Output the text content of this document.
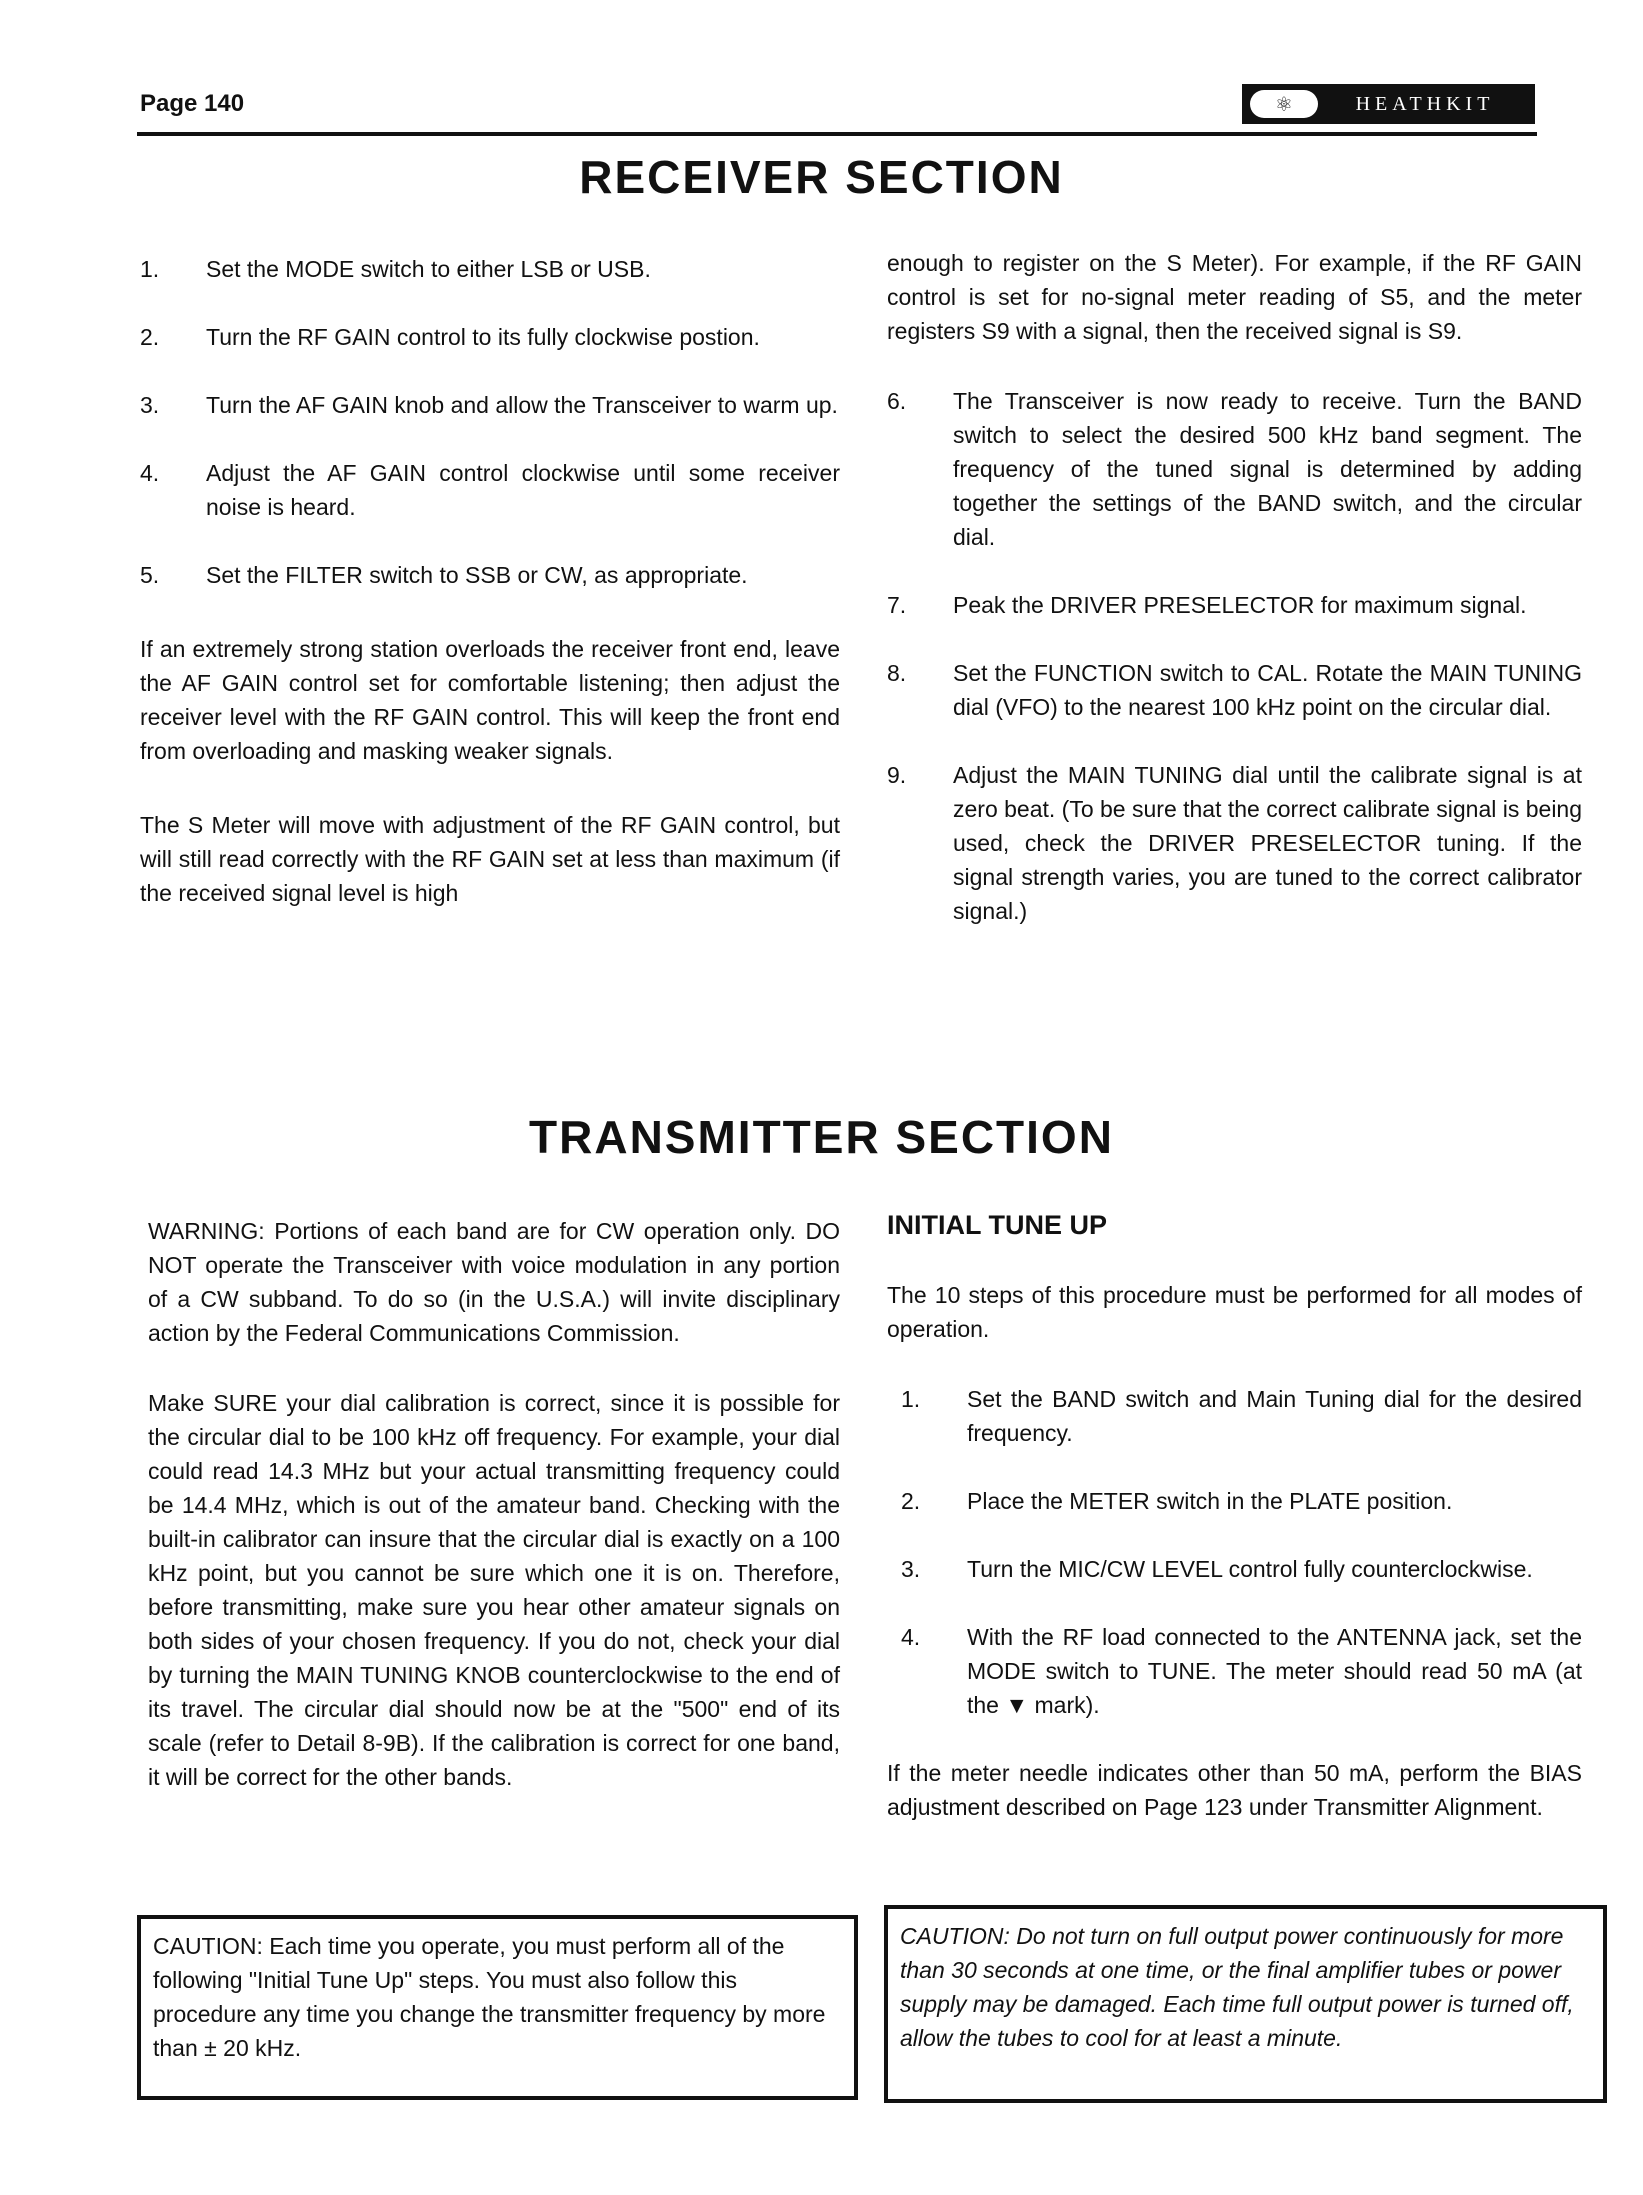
Page 140	⚛	HEATHKIT
RECEIVER SECTION
1.	Set the MODE switch to either LSB or USB.
2.	Turn the RF GAIN control to its fully clockwise postion.
3.	Turn the AF GAIN knob and allow the Transceiver to warm up.
4.	Adjust the AF GAIN control clockwise until some receiver noise is heard.
5.	Set the FILTER switch to SSB or CW, as appropriate.

If an extremely strong station overloads the receiver front end, leave the AF GAIN control set for comfortable listening; then adjust the receiver level with the RF GAIN control. This will keep the front end from overloading and masking weaker signals.

The S Meter will move with adjustment of the RF GAIN control, but will still read correctly with the RF GAIN set at less than maximum (if the received signal level is high

enough to register on the S Meter). For example, if the RF GAIN control is set for no-signal meter reading of S5, and the meter registers S9 with a signal, then the received signal is S9.

6.	The Transceiver is now ready to receive. Turn the BAND switch to select the desired 500 kHz band segment. The frequency of the tuned signal is determined by adding together the settings of the BAND switch, and the circular dial.
7.	Peak the DRIVER PRESELECTOR for maximum signal.
8.	Set the FUNCTION switch to CAL. Rotate the MAIN TUNING dial (VFO) to the nearest 100 kHz point on the circular dial.
9.	Adjust the MAIN TUNING dial until the calibrate signal is at zero beat. (To be sure that the correct calibrate signal is being used, check the DRIVER PRESELECTOR tuning. If the signal strength varies, you are tuned to the correct calibrator signal.)
TRANSMITTER SECTION

WARNING: Portions of each band are for CW operation only. DO NOT operate the Transceiver with voice modulation in any portion of a CW subband. To do so (in the U.S.A.) will invite disciplinary action by the Federal Communications Commission.

Make SURE your dial calibration is correct, since it is possible for the circular dial to be 100 kHz off frequency. For example, your dial could read 14.3 MHz but your actual transmitting frequency could be 14.4 MHz, which is out of the amateur band. Checking with the built-in calibrator can insure that the circular dial is exactly on a 100 kHz point, but you cannot be sure which one it is on. Therefore, before transmitting, make sure you hear other amateur signals on both sides of your chosen frequency. If you do not, check your dial by turning the MAIN TUNING KNOB counterclockwise to the end of its travel. The circular dial should now be at the "500" end of its scale (refer to Detail 8-9B). If the calibration is correct for one band, it will be correct for the other bands.

CAUTION: Each time you operate, you must perform all of the following "Initial Tune Up" steps. You must also follow this procedure any time you change the transmitter frequency by more than ± 20 kHz.
INITIAL TUNE UP

The 10 steps of this procedure must be performed for all modes of operation.

1.	Set the BAND switch and Main Tuning dial for the desired frequency.
2.	Place the METER switch in the PLATE position.
3.	Turn the MIC/CW LEVEL control fully counterclockwise.
4.	With the RF load connected to the ANTENNA jack, set the MODE switch to TUNE. The meter should read 50 mA (at the ▼ mark).

If the meter needle indicates other than 50 mA, perform the BIAS adjustment described on Page 123 under Transmitter Alignment.

CAUTION: Do not turn on full output power continuously for more than 30 seconds at one time, or the final amplifier tubes or power supply may be damaged. Each time full output power is turned off, allow the tubes to cool for at least a minute.
